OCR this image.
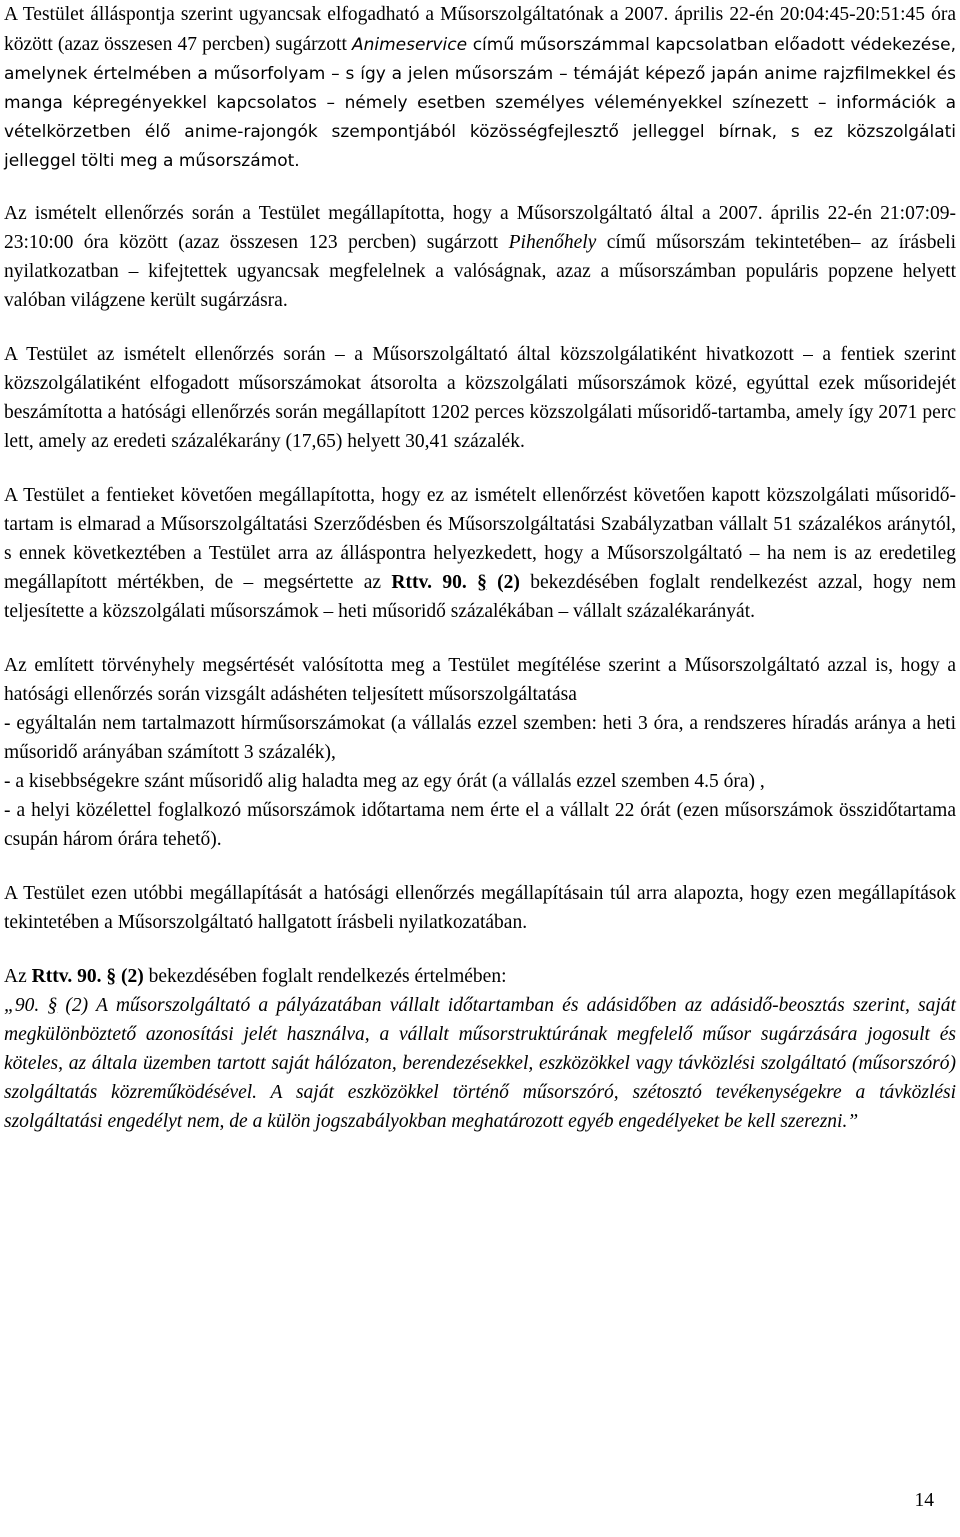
A Testület álláspontja szerint ugyancsak elfogadható a Műsorszolgáltatónak a 2007. április 22-én 20:04:45-20:51:45 óra között (azaz összesen 47 percben) sugárzott Animeservice című műsorszámmal kapcsolatban előadott védekezése, amelynek értelmében a műsorfolyam – s így a jelen műsorszám – témáját képező japán anime rajzfilmekkel és manga képregényekkel kapcsolatos – némely esetben személyes véleményekkel színezett – információk a vételkörzetben élő anime-rajongók szempontjából közösségfejlesztő jelleggel bírnak, s ez közszolgálati jelleggel tölti meg a műsorszámot.

Az ismételt ellenőrzés során a Testület megállapította, hogy a Műsorszolgáltató által a 2007. április 22-én 21:07:09-23:10:00 óra között (azaz összesen 123 percben) sugárzott Pihenőhely című műsorszám tekintetében– az írásbeli nyilatkozatban – kifejtettek ugyancsak megfelelnek a valóságnak, azaz a műsorszámban populáris popzene helyett valóban világzene került sugárzásra.

A Testület az ismételt ellenőrzés során – a Műsorszolgáltató által közszolgálatiként hivatkozott – a fentiek szerint közszolgálatiként elfogadott műsorszámokat átsorolta a közszolgálati műsorszámok közé, egyúttal ezek műsoridejét beszámította a hatósági ellenőrzés során megállapított 1202 perces közszolgálati műsoridő-tartamba, amely így 2071 perc lett, amely az eredeti százalékarány (17,65) helyett 30,41 százalék.

A Testület a fentieket követően megállapította, hogy ez az ismételt ellenőrzést követően kapott közszolgálati műsoridő-tartam is elmarad a Műsorszolgáltatási Szerződésben és Műsorszolgáltatási Szabályzatban vállalt 51 százalékos aránytól, s ennek következtében a Testület arra az álláspontra helyezkedett, hogy a Műsorszolgáltató – ha nem is az eredetileg megállapított mértékben, de – megsértette az Rttv. 90. § (2) bekezdésében foglalt rendelkezést azzal, hogy nem teljesítette a közszolgálati műsorszámok – heti műsoridő százalékában – vállalt százalékarányát.

Az említett törvényhely megsértését valósította meg a Testület megítélése szerint a Műsorszolgáltató azzal is, hogy a hatósági ellenőrzés során vizsgált adáshéten teljesített műsorszolgáltatása
- egyáltalán nem tartalmazott hírműsorszámokat (a vállalás ezzel szemben: heti 3 óra, a rendszeres híradás aránya a heti műsoridő arányában számított 3 százalék),
- a kisebbségekre szánt műsoridő alig haladta meg az egy órát (a vállalás ezzel szemben 4.5 óra) ,
- a helyi közélettel foglalkozó műsorszámok időtartama nem érte el a vállalt 22 órát (ezen műsorszámok összidőtartama csupán három órára tehető).

A Testület ezen utóbbi megállapítását a hatósági ellenőrzés megállapításain túl arra alapozta, hogy ezen megállapítások tekintetében a Műsorszolgáltató hallgatott írásbeli nyilatkozatában.

Az Rttv. 90. § (2) bekezdésében foglalt rendelkezés értelmében:

„90. § (2) A műsorszolgáltató a pályázatában vállalt időtartamban és adásidőben az adásidő-beosztás szerint, saját megkülönböztető azonosítási jelét használva, a vállalt műsorstruktúrának megfelelő műsor sugárzására jogosult és köteles, az általa üzemben tartott saját hálózaton, berendezésekkel, eszközökkel vagy távközlési szolgáltató (műsorszóró) szolgáltatás közreműködésével. A saját eszközökkel történő műsorszóró, szétosztó tevékenységekre a távközlési szolgáltatási engedélyt nem, de a külön jogszabályokban meghatározott egyéb engedélyeket be kell szerezni.”

14
